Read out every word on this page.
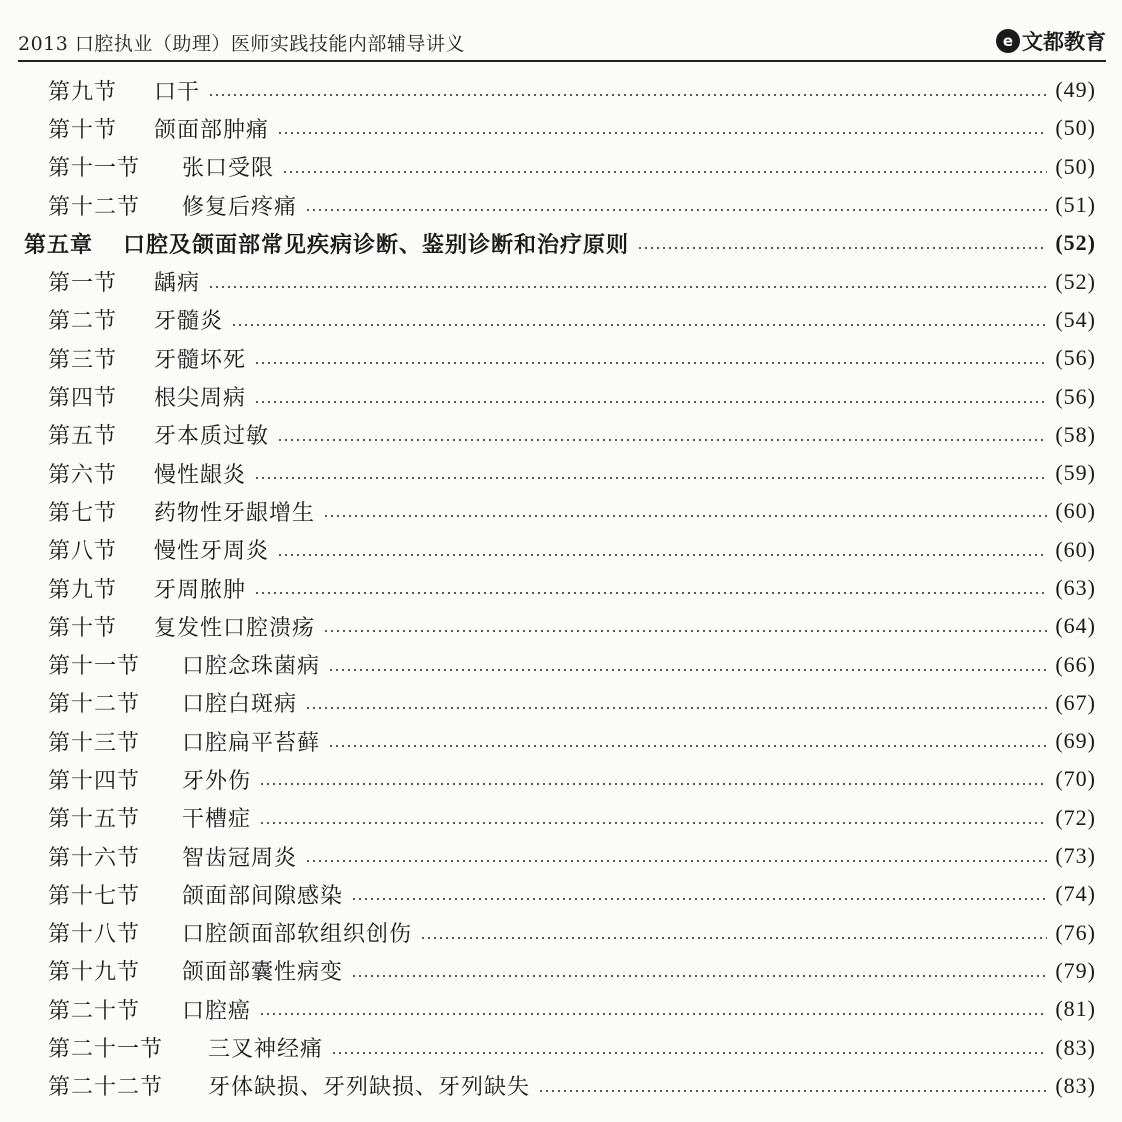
2013 口腔执业（助理）医师实践技能内部辅导讲义	e 文都教育
第九节	口干	(49)
第十节	颌面部肿痛	(50)
第十一节	张口受限	(50)
第十二节	修复后疼痛	(51)
第五章 口腔及颌面部常见疾病诊断、鉴别诊断和治疗原则	(52)
第一节	龋病	(52)
第二节	牙髓炎	(54)
第三节	牙髓坏死	(56)
第四节	根尖周病	(56)
第五节	牙本质过敏	(58)
第六节	慢性龈炎	(59)
第七节	药物性牙龈增生	(60)
第八节	慢性牙周炎	(60)
第九节	牙周脓肿	(63)
第十节	复发性口腔溃疡	(64)
第十一节	口腔念珠菌病	(66)
第十二节	口腔白斑病	(67)
第十三节	口腔扁平苔藓	(69)
第十四节	牙外伤	(70)
第十五节	干槽症	(72)
第十六节	智齿冠周炎	(73)
第十七节	颌面部间隙感染	(74)
第十八节	口腔颌面部软组织创伤	(76)
第十九节	颌面部囊性病变	(79)
第二十节	口腔癌	(81)
第二十一节	三叉神经痛	(83)
第二十二节	牙体缺损、牙列缺损、牙列缺失	(83)
